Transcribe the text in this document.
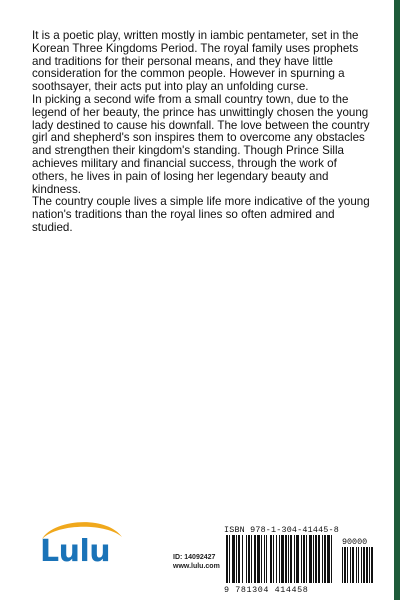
It is a poetic play, written mostly in iambic pentameter, set in the Korean Three Kingdoms Period. The royal family uses prophets and traditions for their personal means, and they have little consideration for the common people. However in spurning a soothsayer, their acts put into play an unfolding curse.

In picking a second wife from a small country town, due to the legend of her beauty, the prince has unwittingly chosen the young lady destined to cause his downfall. The love between the country girl and shepherd's son inspires them to overcome any obstacles and strengthen their kingdom's standing. Though Prince Silla achieves military and financial success, through the work of others, he lives in pain of losing her legendary beauty and kindness.

The country couple lives a simple life more indicative of the young nation's traditions than the royal lines so often admired and studied.

Lulu	ID: 14092427
www.lulu.com
ISBN 978-1-304-41445-8
90000
9 781304 414458
